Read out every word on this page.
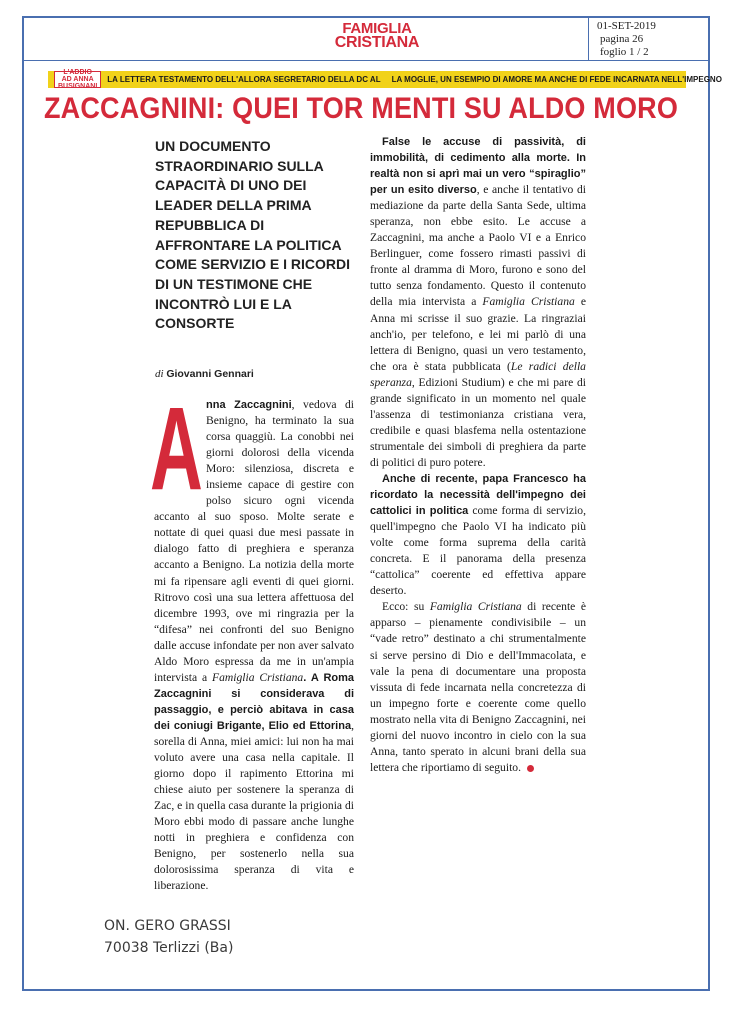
FAMIGLIA
CRISTIANA
01-SET-2019
pagina 26
foglio 1 / 2
L'ADDIO AD ANNA
BUSIGNANI
LA LETTERA TESTAMENTO DELL'ALLORA SEGRETARIO DELLA DC AL LA MOGLIE, UN ESEMPIO DI AMORE MA ANCHE DI FEDE INCARNATA NELL'IMPEGNO
ZACCAGNINI: QUEI TOR MENTI SU ALDO MORO
UN DOCUMENTO STRAORDINARIO SULLA CAPACITÀ DI UNO DEI LEADER DELLA PRIMA REPUBBLICA DI AFFRONTARE LA POLITICA COME SERVIZIO E I RICORDI DI UN TESTIMONE CHE INCONTRÒ LUI E LA CONSORTE
di Giovanni Gennari

Anna Zaccagnini, vedova di Benigno, ha terminato la sua corsa quaggiù. La conobbi nei giorni dolorosi della vicenda Moro: silenziosa, discreta e insieme capace di gestire con polso sicuro ogni vicenda accanto al suo sposo. Molte serate e nottate di quei quasi due mesi passate in dialogo fatto di preghiera e speranza accanto a Benigno. La notizia della morte mi fa ripensare agli eventi di quei giorni. Ritrovo così una sua lettera affettuosa del dicembre 1993, ove mi ringrazia per la “difesa” nei confronti del suo Benigno dalle accuse infondate per non aver salvato Aldo Moro espressa da me in un'ampia intervista a Famiglia Cristiana. A Roma Zaccagnini si considerava di passaggio, e perciò abitava in casa dei coniugi Brigante, Elio ed Ettorina, sorella di Anna, miei amici: lui non ha mai voluto avere una casa nella capitale. Il giorno dopo il rapimento Ettorina mi chiese aiuto per sostenere la speranza di Zac, e in quella casa durante la prigionia di Moro ebbi modo di passare anche lunghe notti in preghiera e confidenza con Benigno, per sostenerlo nella sua dolorosissima speranza di vita e liberazione.

False le accuse di passività, di immobilità, di cedimento alla morte. In realtà non si aprì mai un vero “spiraglio” per un esito diverso, e anche il tentativo di mediazione da parte della Santa Sede, ultima speranza, non ebbe esito. Le accuse a Zaccagnini, ma anche a Paolo VI e a Enrico Berlinguer, come fossero rimasti passivi di fronte al dramma di Moro, furono e sono del tutto senza fondamento. Questo il contenuto della mia intervista a Famiglia Cristiana e Anna mi scrisse il suo grazie. La ringraziai anch'io, per telefono, e lei mi parlò di una lettera di Benigno, quasi un vero testamento, che ora è stata pubblicata (Le radici della speranza, Edizioni Studium) e che mi pare di grande significato in un momento nel quale l'assenza di testimonianza cristiana vera, credibile e quasi blasfema nella ostentazione strumentale dei simboli di preghiera da parte di politici di puro potere.

Anche di recente, papa Francesco ha ricordato la necessità dell'impegno dei cattolici in politica come forma di servizio, quell'impegno che Paolo VI ha indicato più volte come forma suprema della carità concreta. E il panorama della presenza “cattolica” coerente ed effettiva appare deserto.

Ecco: su Famiglia Cristiana di recente è apparso – pienamente condivisibile – un “vade retro” destinato a chi strumentalmente si serve persino di Dio e dell'Immacolata, e vale la pena di documentare una proposta vissuta di fede incarnata nella concretezza di un impegno forte e coerente come quello mostrato nella vita di Benigno Zaccagnini, nei giorni del nuovo incontro in cielo con la sua Anna, tanto sperato in alcuni brani della sua lettera che riportiamo di seguito.

ON. GERO GRASSI
70038 Terlizzi (Ba)
